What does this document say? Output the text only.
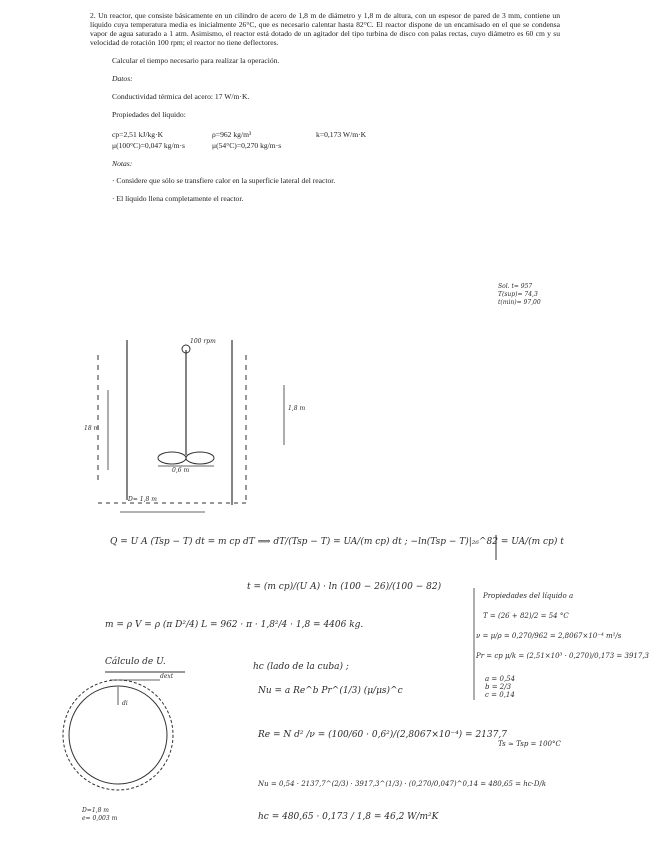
2. Un reactor, que consiste básicamente en un cilindro de acero de 1,8 m de diámetro y 1,8 m de altura, con un espesor de pared de 3 mm, contiene un líquido cuya temperatura media es inicialmente 26°C, que es necesario calentar hasta 82°C. El reactor dispone de un encamisado en el que se condensa vapor de agua saturado a 1 atm. Asimismo, el reactor está dotado de un agitador del tipo turbina de disco con palas rectas, cuyo diámetro es 60 cm y su velocidad de rotación 100 rpm; el reactor no tiene deflectores.

Calcular el tiempo necesario para realizar la operación.
Datos:
Conductividad térmica del acero: 17 W/m·K.
Propiedades del líquido:
cp=2,51 kJ/kg·K	ρ=962 kg/m³	k=0,173 W/m·K
μ(100°C)=0,047 kg/m·s	μ(54°C)=0,270 kg/m·s
Notas:
· Considere que sólo se transfiere calor en la superficie lateral del reactor.
· El líquido llena completamente el reactor.
Sol. t= 957
T(sup)= 74,3
t(min)= 97,00
100 rpm
18 m
1,8 m
0,6 m
D= 1,8 m
Q = U A (Tsp − T) dt = m cp dT ⟹ dT/(Tsp − T) = UA/(m cp) dt ; −ln(Tsp − T)|₂₆^82 = UA/(m cp) t
t = (m cp)/(U A) · ln (100 − 26)/(100 − 82)
m = ρ V = ρ (π D²/4) L = 962 · π · 1,8²/4 · 1,8 = 4406 kg.
Propiedades del líquido a
T = (26 + 82)/2 = 54 °C
ν = μ/ρ = 0,270/962 = 2,8067×10⁻⁴ m²/s
Pr = cp μ/k = (2,51×10³ · 0,270)/0,173 = 3917,3
Cálculo de U.	hc (lado de la cuba) ;
Nu = a Re^b Pr^(1/3) (μ/μs)^c
a = 0,54
b = 2/3
c = 0,14
Re = N d² /ν = (100/60 · 0,6²)/(2,8067×10⁻⁴) = 2137,7
Ts ≈ Tsp = 100°C
Nu = 0,54 · 2137,7^(2/3) · 3917,3^(1/3) · (0,270/0,047)^0,14 = 480,65 = hc·D/k
hc = 480,65 · 0,173 / 1,8 = 46,2 W/m²K
dext
di
D=1,8 m
e= 0,003 m
